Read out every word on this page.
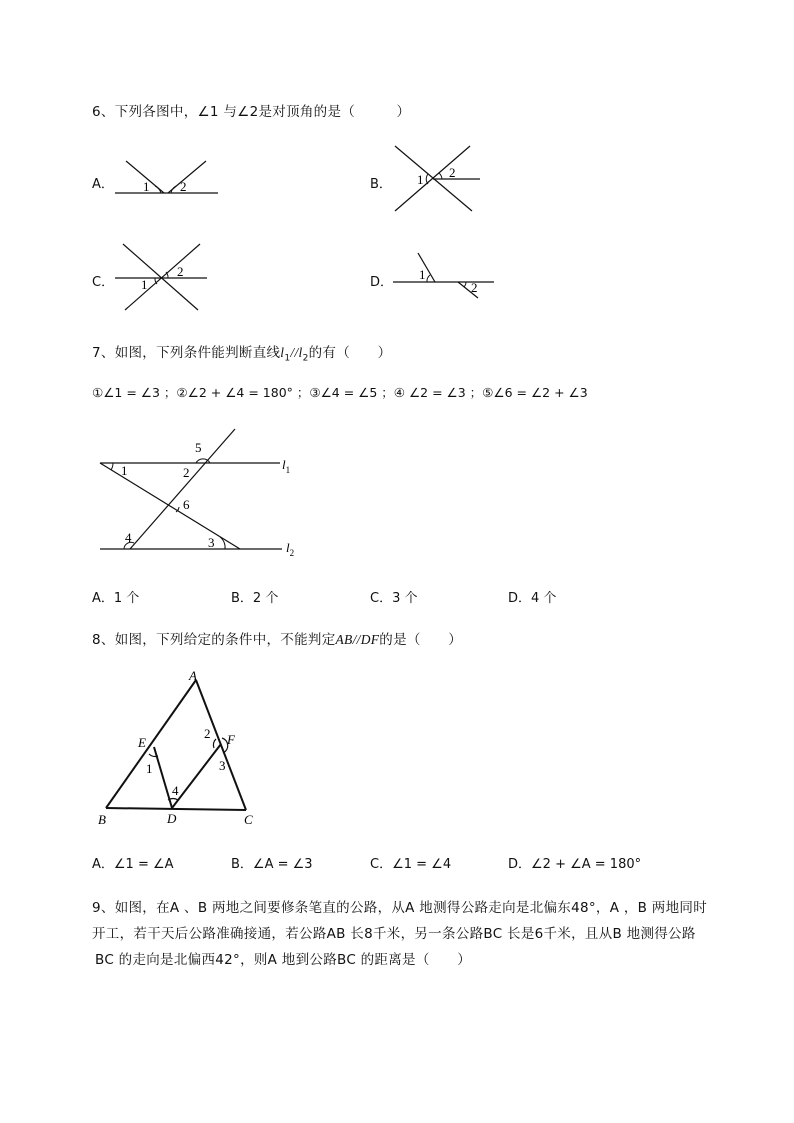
6、下列各图中，∠1 与∠2是对顶角的是（　　　）
A． 1 2	B． 1 2
C．
2
1	D．
1
2
7、如图，下列条件能判断直线$l_1//l_2$的有（　　）
①∠1 = ∠3 ；②∠2 + ∠4 = 180° ；③∠4 = ∠5 ；④ ∠2 = ∠3 ；⑤∠6 = ∠2 + ∠3
1	2
5
6
4	3
$l_1$
$l_2$
A．1 个	B．2 个	C．3 个	D．4 个
8、如图，下列给定的条件中，不能判定AB//DF的是（　　）
A
B	C
D
E	F
1
2
3
4
A．∠1 = ∠A	B．∠A = ∠3	C．∠1 = ∠4	D．∠2 + ∠A = 180°
9、如图，在A 、B 两地之间要修条笔直的公路，从A 地测得公路走向是北偏东48°，A ，B 两地同时
开工，若干天后公路准确接通，若公路AB 长8千米，另一条公路BC 长是6千米，且从B 地测得公路
BC 的走向是北偏西42°，则A 地到公路BC 的距离是（　　）
